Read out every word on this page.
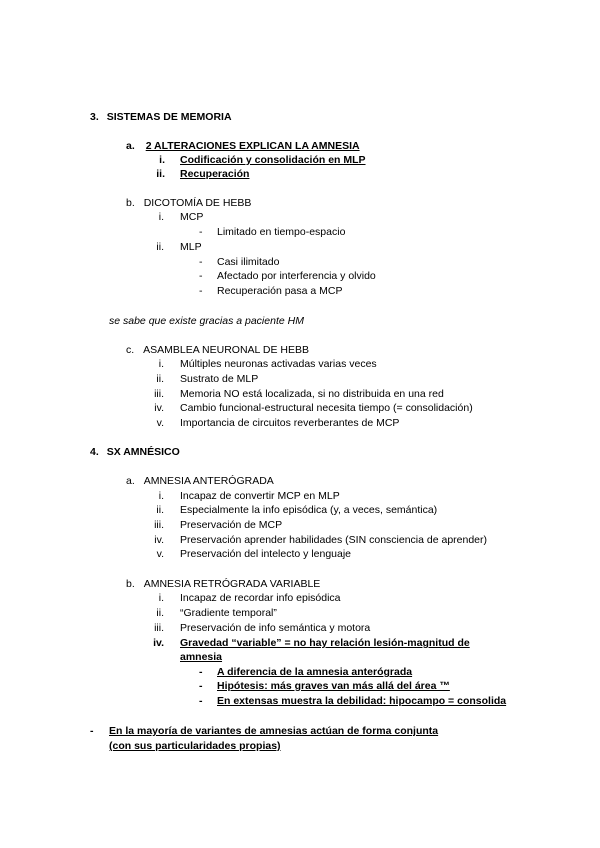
3. SISTEMAS DE MEMORIA
a. 2 ALTERACIONES EXPLICAN LA AMNESIA
i. Codificación y consolidación en MLP
ii. Recuperación
b. DICOTOMÍA DE HEBB
i. MCP
- Limitado en tiempo-espacio
ii. MLP
- Casi ilimitado
- Afectado por interferencia y olvido
- Recuperación pasa a MCP
se sabe que existe gracias a paciente HM
c. ASAMBLEA NEURONAL DE HEBB
i. Múltiples neuronas activadas varias veces
ii. Sustrato de MLP
iii. Memoria NO está localizada, si no distribuida en una red
iv. Cambio funcional-estructural necesita tiempo (= consolidación)
v. Importancia de circuitos reverberantes de MCP
4. SX AMNÉSICO
a. AMNESIA ANTERÓGRADA
i. Incapaz de convertir MCP en MLP
ii. Especialmente la info episódica (y, a veces, semántica)
iii. Preservación de MCP
iv. Preservación aprender habilidades (SIN consciencia de aprender)
v. Preservación del intelecto y lenguaje
b. AMNESIA RETRÓGRADA VARIABLE
i. Incapaz de recordar info episódica
ii. “Gradiente temporal”
iii. Preservación de info semántica y motora
iv. Gravedad “variable” = no hay relación lesión-magnitud de
amnesia
- A diferencia de la amnesia anterógrada
- Hipótesis: más graves van más allá del área ™
- En extensas muestra la debilidad: hipocampo = consolida
- En la mayoría de variantes de amnesias actúan de forma conjunta
(con sus particularidades propias)
